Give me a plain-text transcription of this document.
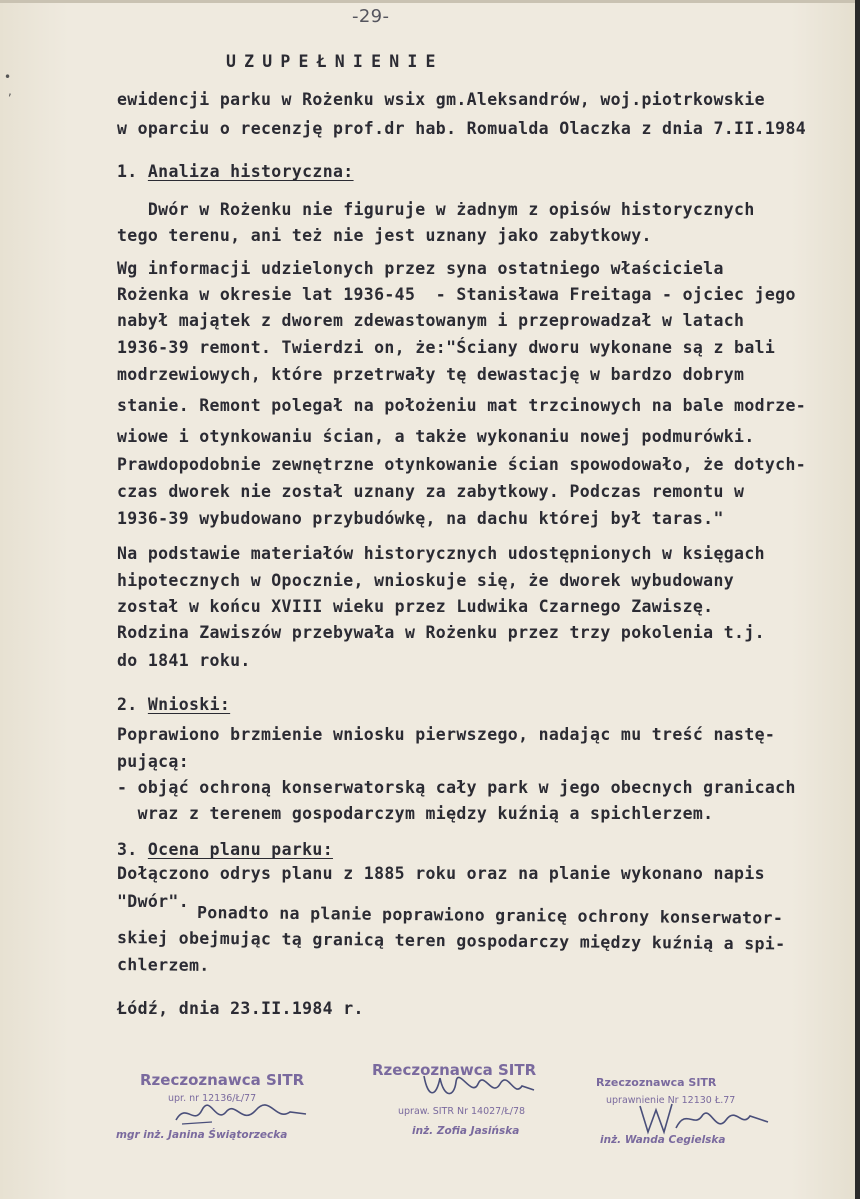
•
,
-29-
UZUPEŁNIENIE
ewidencji parku w Rożenku wsix gm.Aleksandrów, woj.piotrkowskie
w oparciu o recenzję prof.dr hab. Romualda Olaczka z dnia 7.II.1984
1. Analiza historyczna:
Dwór w Rożenku nie figuruje w żadnym z opisów historycznych
tego terenu, ani też nie jest uznany jako zabytkowy.
Wg informacji udzielonych przez syna ostatniego właściciela
Rożenka w okresie lat 1936-45  - Stanisława Freitaga - ojciec jego
nabył majątek z dworem zdewastowanym i przeprowadzał w latach
1936-39 remont. Twierdzi on, że:"Ściany dworu wykonane są z bali
modrzewiowych, które przetrwały tę dewastację w bardzo dobrym
stanie. Remont polegał na położeniu mat trzcinowych na bale modrze-
wiowe i otynkowaniu ścian, a także wykonaniu nowej podmurówki.
Prawdopodobnie zewnętrzne otynkowanie ścian spowodowało, że dotych-
czas dworek nie został uznany za zabytkowy. Podczas remontu w
1936-39 wybudowano przybudówkę, na dachu której był taras."
Na podstawie materiałów historycznych udostępnionych w księgach
hipotecznych w Opocznie, wnioskuje się, że dworek wybudowany
został w końcu XVIII wieku przez Ludwika Czarnego Zawiszę.
Rodzina Zawiszów przebywała w Rożenku przez trzy pokolenia t.j.
do 1841 roku.
2. Wnioski:
Poprawiono brzmienie wniosku pierwszego, nadając mu treść nastę-
pującą:
- objąć ochroną konserwatorską cały park w jego obecnych granicach
wraz z terenem gospodarczym między kuźnią a spichlerzem.
3. Ocena planu parku:
Dołączono odrys planu z 1885 roku oraz na planie wykonano napis
"Dwór".
Ponadto na planie poprawiono granicę ochrony konserwator-
skiej obejmując tą granicą teren gospodarczy między kuźnią a spi-
chlerzem.
Łódź, dnia 23.II.1984 r.
Rzeczoznawca SITR
upr. nr 12136/Ł/77
mgr inż. Janina Świątorzecka
Rzeczoznawca SITR
upraw. SITR Nr 14027/Ł/78
inż. Zofia Jasińska
Rzeczoznawca SITR
uprawnienie Nr 12130 Ł.77
inż. Wanda Cegielska
